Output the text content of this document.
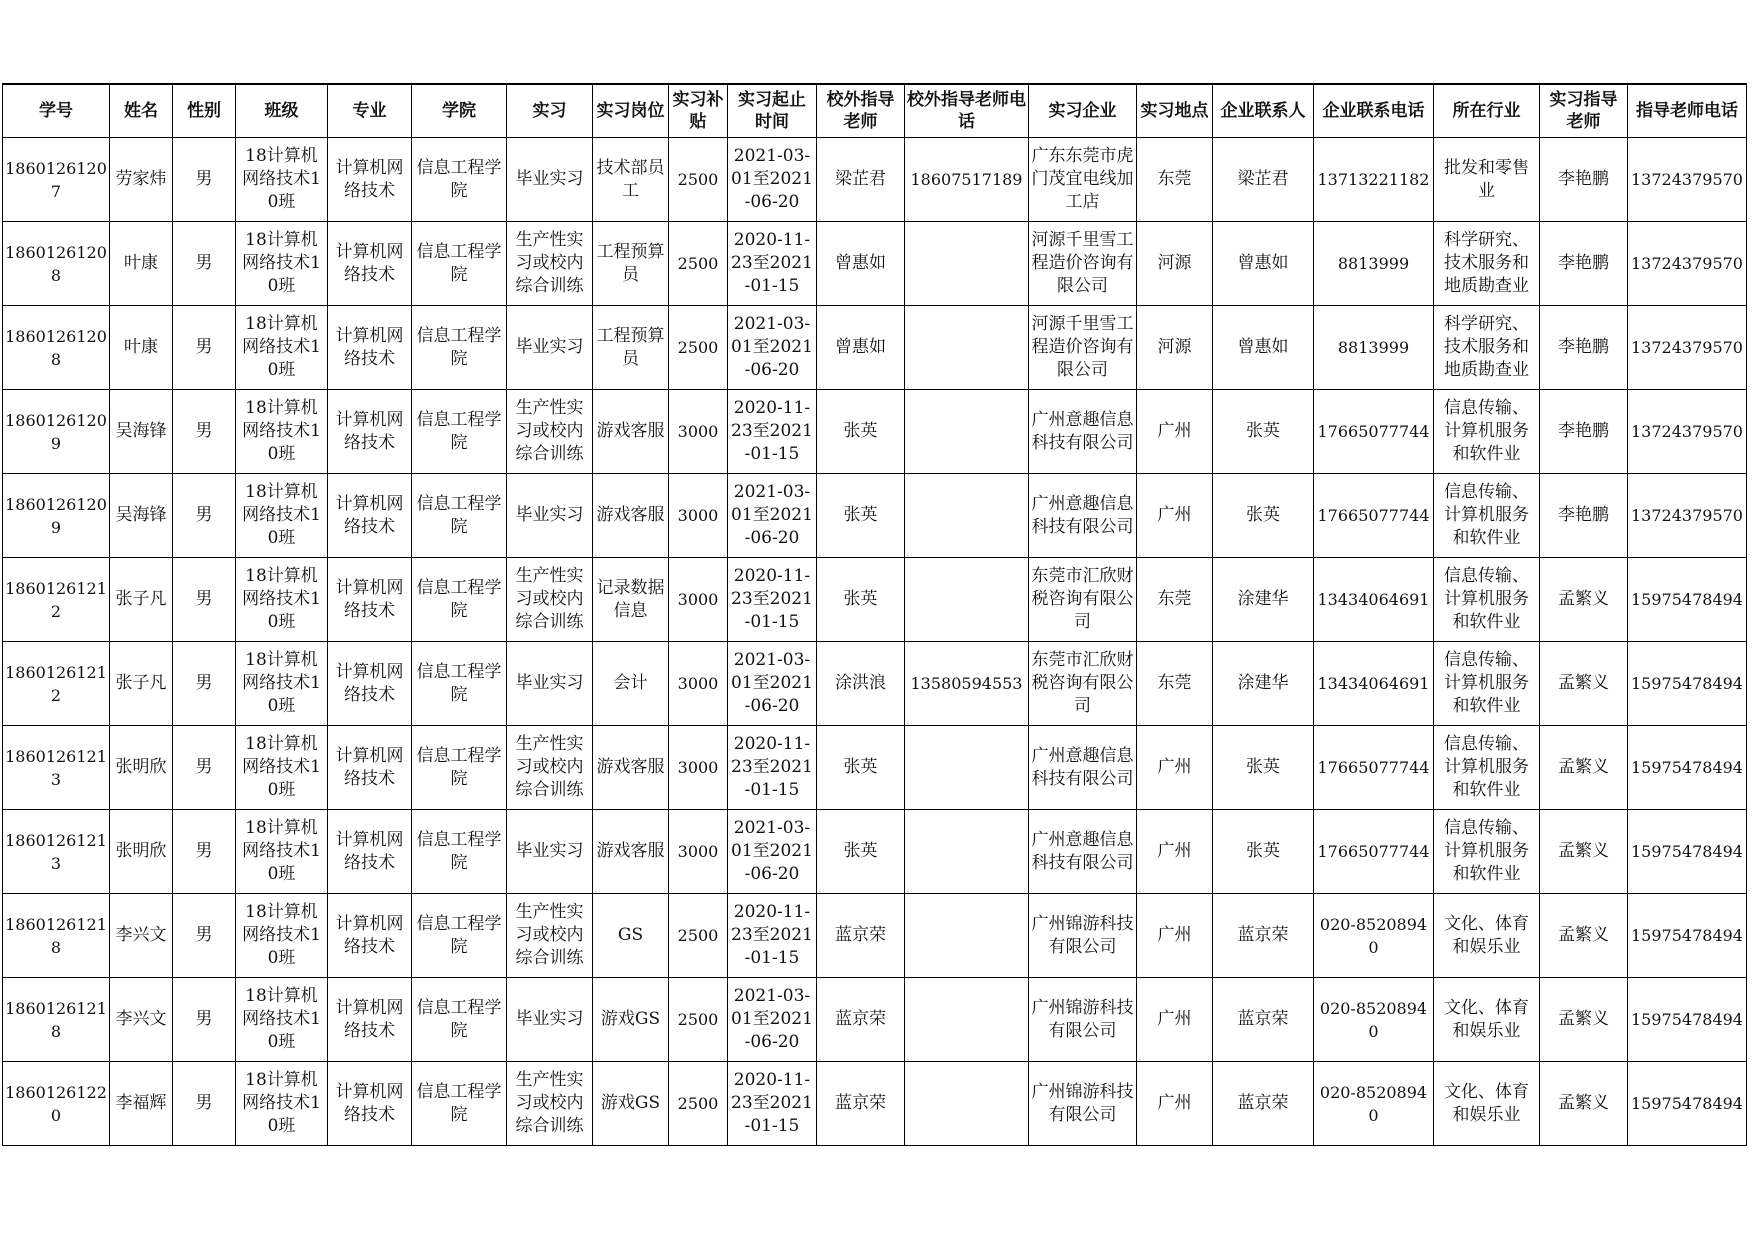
学号	姓名	性别	班级	专业	学院	实习	实习岗位	实习补贴	实习起止时间	校外指导老师	校外指导老师电话	实习企业	实习地点	企业联系人	企业联系电话	所在行业	实习指导老师	指导老师电话

18601261207	劳家炜	男	18计算机网络技术10班	计算机网络技术	信息工程学院	毕业实习	技术部员工	2500	2021-03-01至2021-06-20	梁芷君	18607517189	广东东莞市虎门茂宜电线加工店	东莞	梁芷君	13713221182	批发和零售业	李艳鹏	13724379570

18601261208	叶康	男	18计算机网络技术10班	计算机网络技术	信息工程学院	生产性实习或校内综合训练	工程预算员	2500	2020-11-23至2021-01-15	曾惠如		河源千里雪工程造价咨询有限公司	河源	曾惠如	8813999	科学研究、技术服务和地质勘查业	李艳鹏	13724379570

18601261208	叶康	男	18计算机网络技术10班	计算机网络技术	信息工程学院	毕业实习	工程预算员	2500	2021-03-01至2021-06-20	曾惠如		河源千里雪工程造价咨询有限公司	河源	曾惠如	8813999	科学研究、技术服务和地质勘查业	李艳鹏	13724379570

18601261209	吴海锋	男	18计算机网络技术10班	计算机网络技术	信息工程学院	生产性实习或校内综合训练	游戏客服	3000	2020-11-23至2021-01-15	张英		广州意趣信息科技有限公司	广州	张英	17665077744	信息传输、计算机服务和软件业	李艳鹏	13724379570

18601261209	吴海锋	男	18计算机网络技术10班	计算机网络技术	信息工程学院	毕业实习	游戏客服	3000	2021-03-01至2021-06-20	张英		广州意趣信息科技有限公司	广州	张英	17665077744	信息传输、计算机服务和软件业	李艳鹏	13724379570

18601261212	张子凡	男	18计算机网络技术10班	计算机网络技术	信息工程学院	生产性实习或校内综合训练	记录数据信息	3000	2020-11-23至2021-01-15	张英		东莞市汇欣财税咨询有限公司	东莞	涂建华	13434064691	信息传输、计算机服务和软件业	孟繁义	15975478494

18601261212	张子凡	男	18计算机网络技术10班	计算机网络技术	信息工程学院	毕业实习	会计	3000	2021-03-01至2021-06-20	涂洪浪	13580594553	东莞市汇欣财税咨询有限公司	东莞	涂建华	13434064691	信息传输、计算机服务和软件业	孟繁义	15975478494

18601261213	张明欣	男	18计算机网络技术10班	计算机网络技术	信息工程学院	生产性实习或校内综合训练	游戏客服	3000	2020-11-23至2021-01-15	张英		广州意趣信息科技有限公司	广州	张英	17665077744	信息传输、计算机服务和软件业	孟繁义	15975478494

18601261213	张明欣	男	18计算机网络技术10班	计算机网络技术	信息工程学院	毕业实习	游戏客服	3000	2021-03-01至2021-06-20	张英		广州意趣信息科技有限公司	广州	张英	17665077744	信息传输、计算机服务和软件业	孟繁义	15975478494

18601261218	李兴文	男	18计算机网络技术10班	计算机网络技术	信息工程学院	生产性实习或校内综合训练	GS	2500	2020-11-23至2021-01-15	蓝京荣		广州锦游科技有限公司	广州	蓝京荣	020-85208940	文化、体育和娱乐业	孟繁义	15975478494

18601261218	李兴文	男	18计算机网络技术10班	计算机网络技术	信息工程学院	毕业实习	游戏GS	2500	2021-03-01至2021-06-20	蓝京荣		广州锦游科技有限公司	广州	蓝京荣	020-85208940	文化、体育和娱乐业	孟繁义	15975478494

18601261220	李福辉	男	18计算机网络技术10班	计算机网络技术	信息工程学院	生产性实习或校内综合训练	游戏GS	2500	2020-11-23至2021-01-15	蓝京荣		广州锦游科技有限公司	广州	蓝京荣	020-85208940	文化、体育和娱乐业	孟繁义	15975478494
